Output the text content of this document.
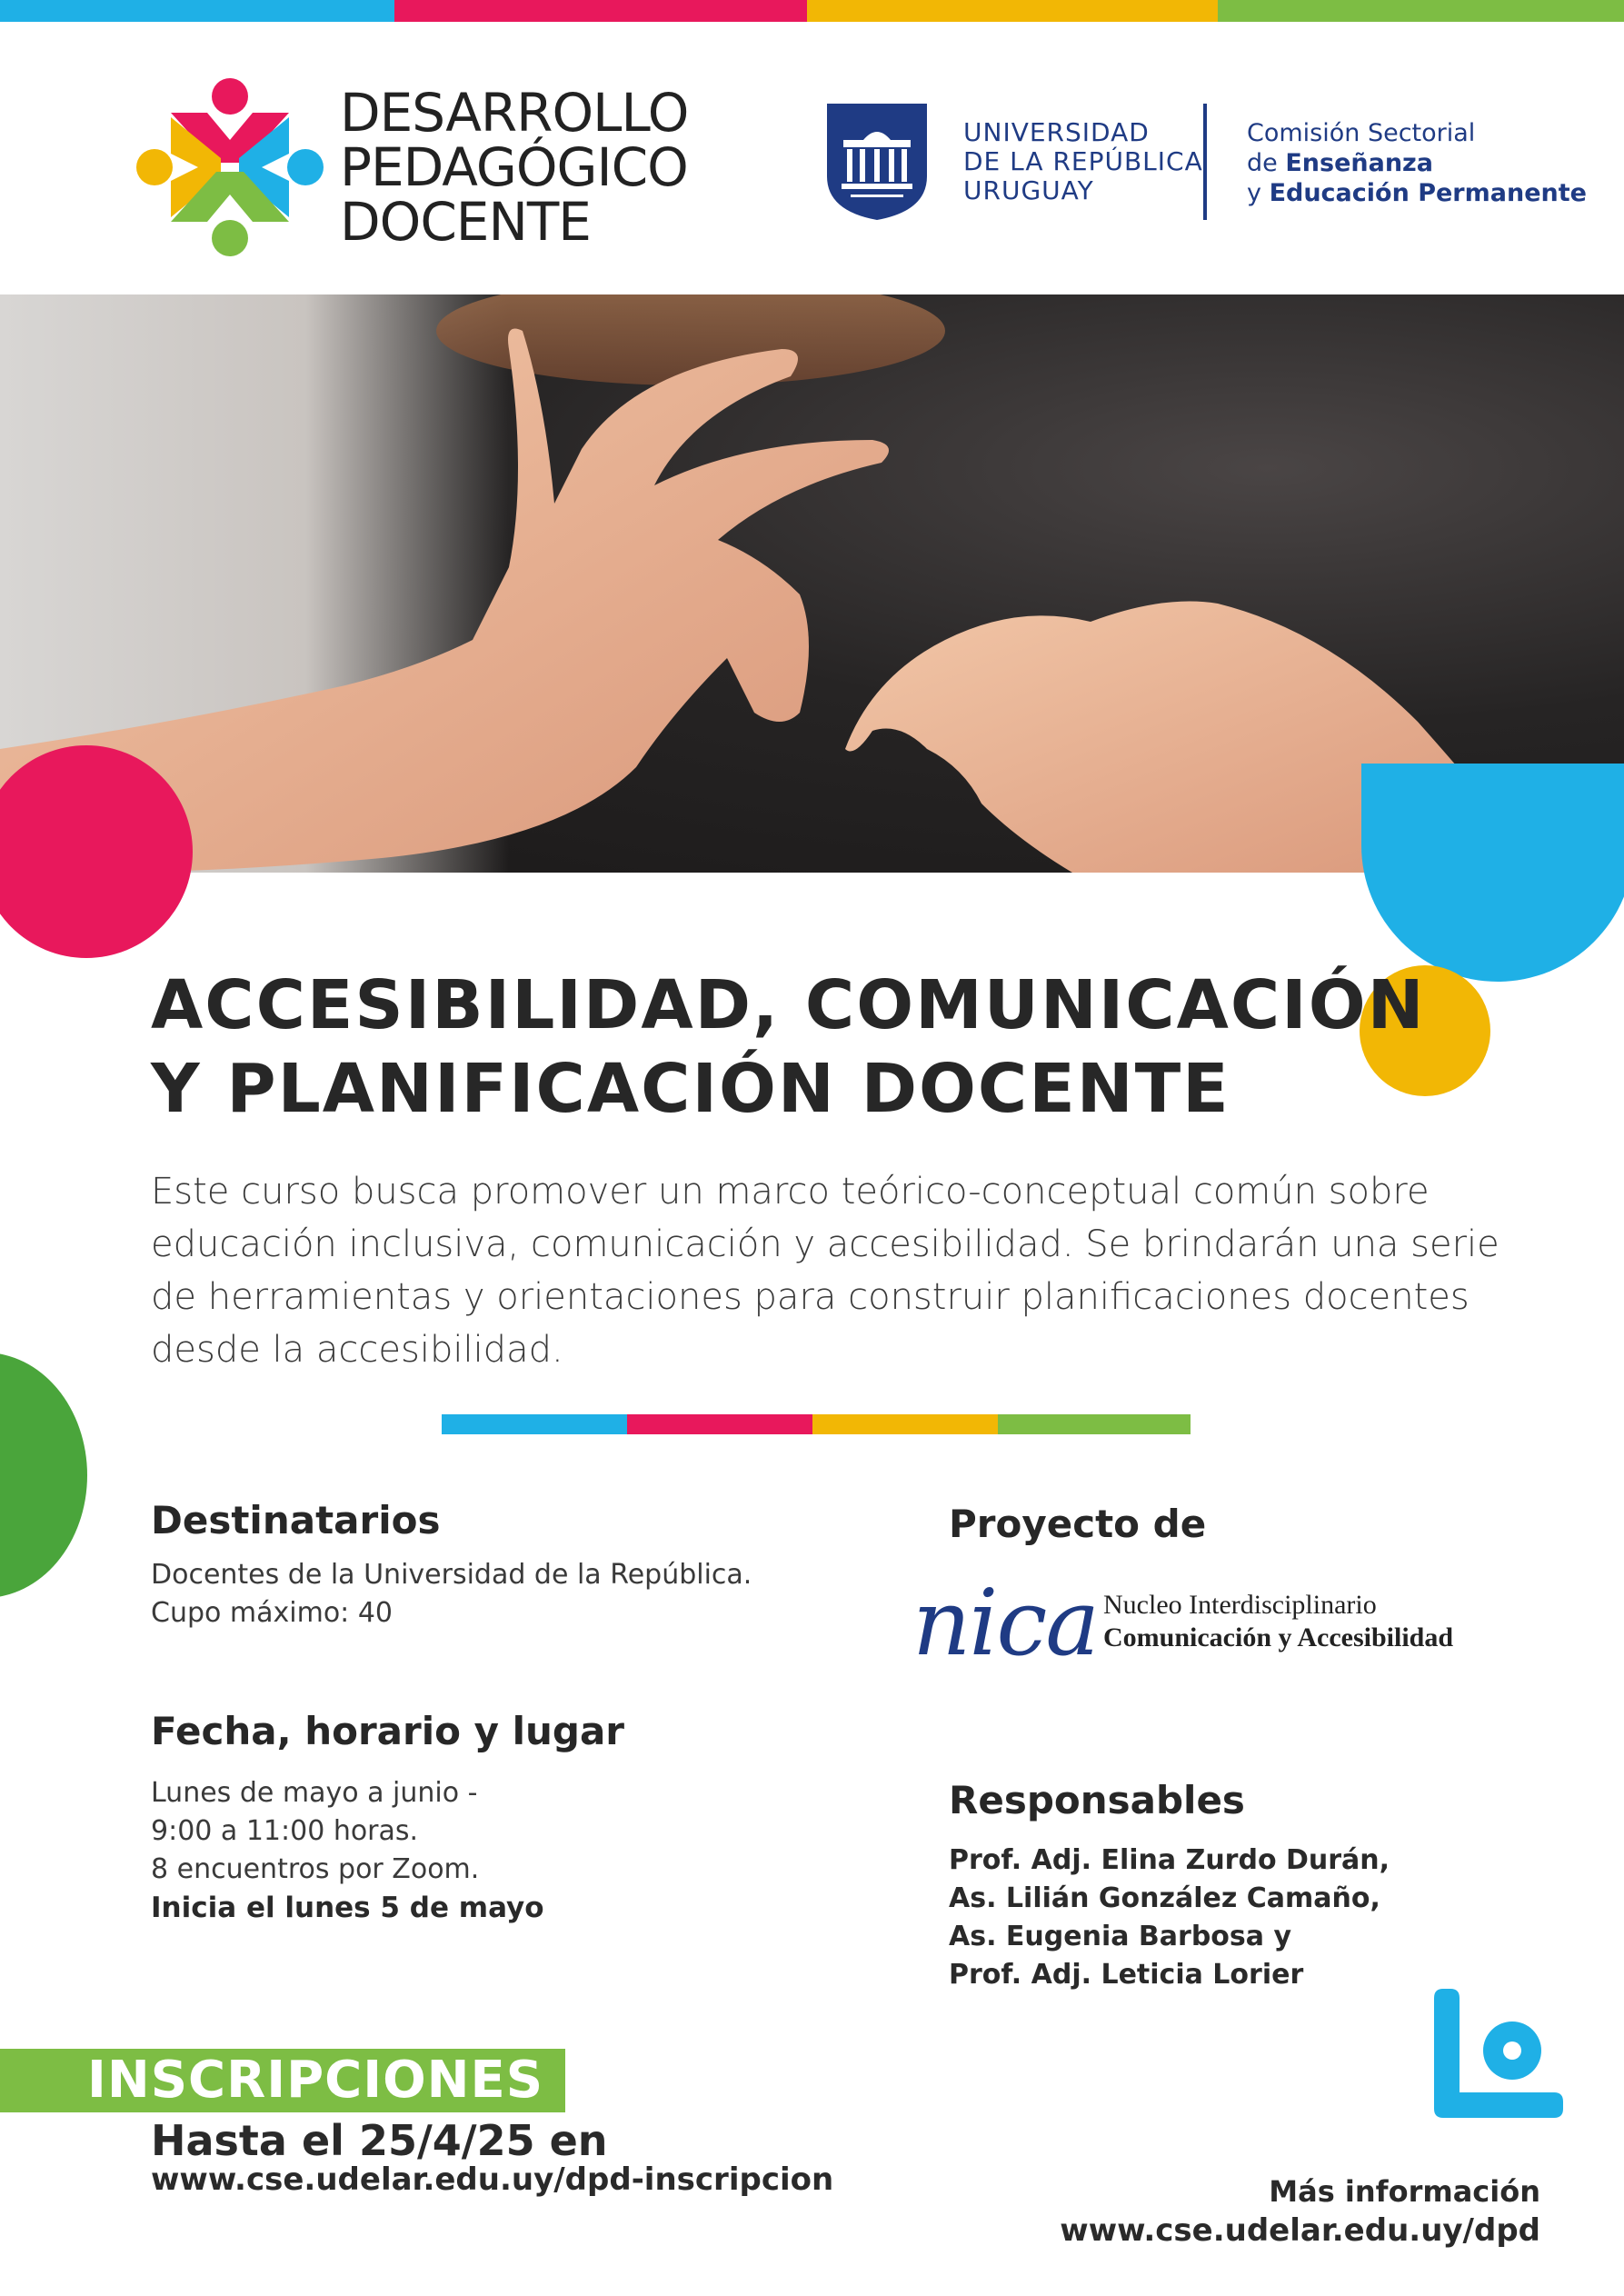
DESARROLLO
PEDAGÓGICO
DOCENTE
UNIVERSIDAD
DE LA REPÚBLICA
URUGUAY
Comisión Sectorial
de Enseñanza
y Educación Permanente
ACCESIBILIDAD, COMUNICACIÓN
Y PLANIFICACIÓN DOCENTE
Este curso busca promover un marco teórico-conceptual común sobre educación inclusiva, comunicación y accesibilidad. Se brindarán una serie de herramientas y orientaciones para construir planificaciones docentes desde la accesibilidad.
Destinatarios
Docentes de la Universidad de la República.
Cupo máximo: 40
Fecha, horario y lugar
Lunes de mayo a junio -
9:00 a 11:00 horas.
8 encuentros por Zoom.
Inicia el lunes 5 de mayo
Proyecto de
nica Nucleo Interdisciplinario
Comunicación y Accesibilidad
Responsables
Prof. Adj. Elina Zurdo Durán,
As. Lilián González Camaño,
As. Eugenia Barbosa y
Prof. Adj. Leticia Lorier
INSCRIPCIONES
Hasta el 25/4/25 en
www.cse.udelar.edu.uy/dpd-inscripcion	Más información
www.cse.udelar.edu.uy/dpd
